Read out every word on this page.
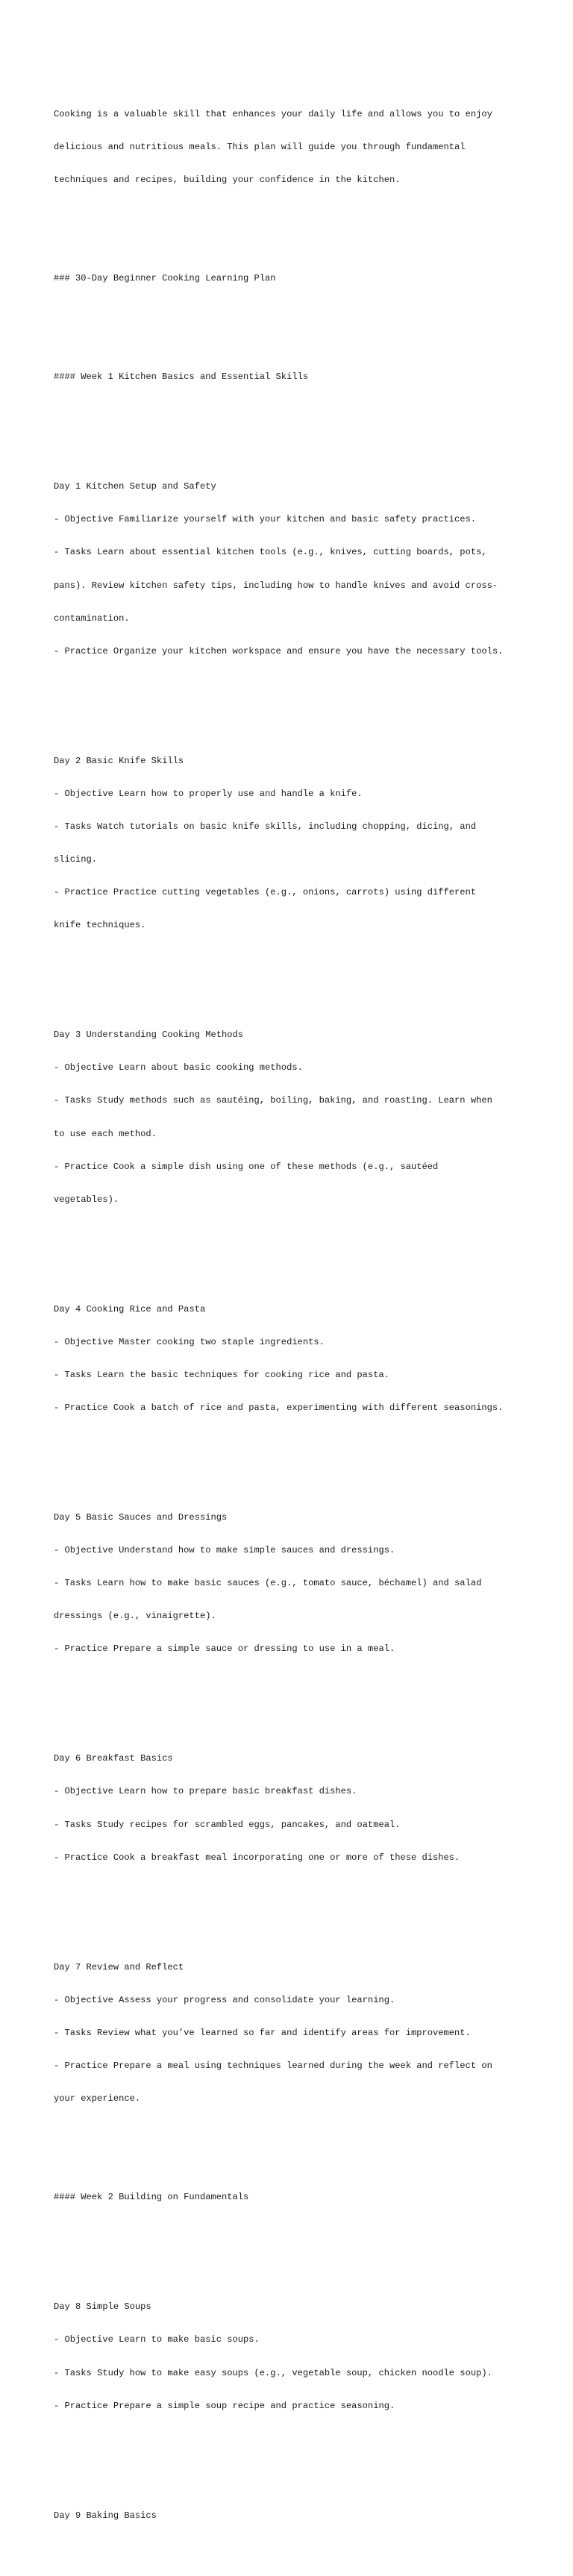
Cooking is a valuable skill that enhances your daily life and allows you to enjoy

delicious and nutritious meals. This plan will guide you through fundamental

techniques and recipes, building your confidence in the kitchen.

### 30-Day Beginner Cooking Learning Plan

#### Week 1 Kitchen Basics and Essential Skills

Day 1 Kitchen Setup and Safety

- Objective Familiarize yourself with your kitchen and basic safety practices.

- Tasks Learn about essential kitchen tools (e.g., knives, cutting boards, pots,

pans). Review kitchen safety tips, including how to handle knives and avoid cross-

contamination.

- Practice Organize your kitchen workspace and ensure you have the necessary tools.

Day 2 Basic Knife Skills

- Objective Learn how to properly use and handle a knife.

- Tasks Watch tutorials on basic knife skills, including chopping, dicing, and

slicing.

- Practice Practice cutting vegetables (e.g., onions, carrots) using different

knife techniques.

Day 3 Understanding Cooking Methods

- Objective Learn about basic cooking methods.

- Tasks Study methods such as sautéing, boiling, baking, and roasting. Learn when

to use each method.

- Practice Cook a simple dish using one of these methods (e.g., sautéed

vegetables).

Day 4 Cooking Rice and Pasta

- Objective Master cooking two staple ingredients.

- Tasks Learn the basic techniques for cooking rice and pasta.

- Practice Cook a batch of rice and pasta, experimenting with different seasonings.

Day 5 Basic Sauces and Dressings

- Objective Understand how to make simple sauces and dressings.

- Tasks Learn how to make basic sauces (e.g., tomato sauce, béchamel) and salad

dressings (e.g., vinaigrette).

- Practice Prepare a simple sauce or dressing to use in a meal.

Day 6 Breakfast Basics

- Objective Learn how to prepare basic breakfast dishes.

- Tasks Study recipes for scrambled eggs, pancakes, and oatmeal.

- Practice Cook a breakfast meal incorporating one or more of these dishes.

Day 7 Review and Reflect

- Objective Assess your progress and consolidate your learning.

- Tasks Review what you’ve learned so far and identify areas for improvement.

- Practice Prepare a meal using techniques learned during the week and reflect on

your experience.

#### Week 2 Building on Fundamentals

Day 8 Simple Soups

- Objective Learn to make basic soups.

- Tasks Study how to make easy soups (e.g., vegetable soup, chicken noodle soup).

- Practice Prepare a simple soup recipe and practice seasoning.

Day 9 Baking Basics
